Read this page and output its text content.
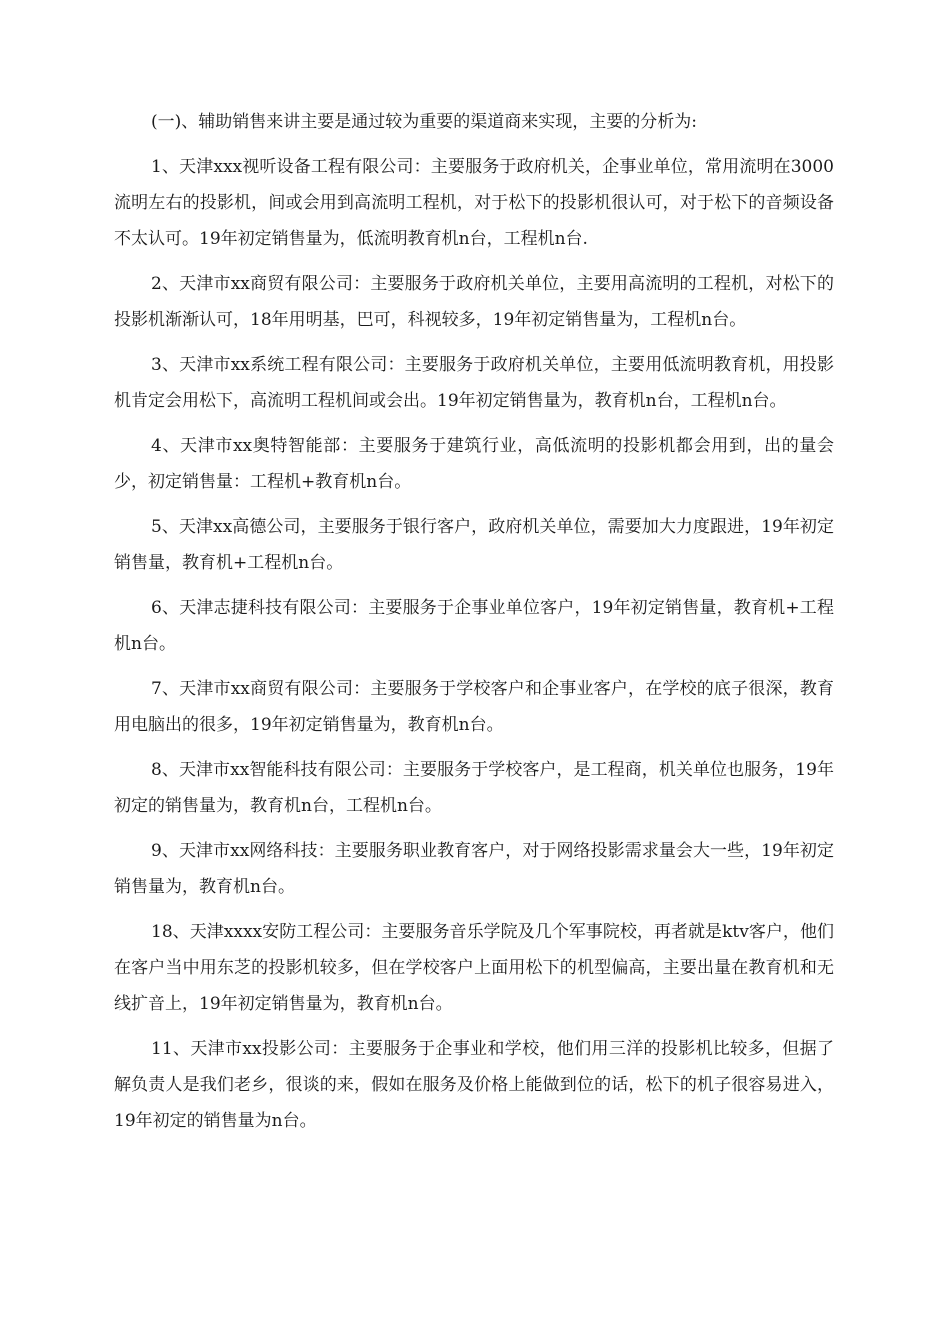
(一)、辅助销售来讲主要是通过较为重要的渠道商来实现，主要的分析为:

1、天津xxx视听设备工程有限公司：主要服务于政府机关，企事业单位，常用流明在3000流明左右的投影机，间或会用到高流明工程机，对于松下的投影机很认可，对于松下的音频设备不太认可。19年初定销售量为，低流明教育机n台，工程机n台.

2、天津市xx商贸有限公司：主要服务于政府机关单位，主要用高流明的工程机，对松下的投影机渐渐认可，18年用明基，巴可，科视较多，19年初定销售量为，工程机n台。

3、天津市xx系统工程有限公司：主要服务于政府机关单位，主要用低流明教育机，用投影机肯定会用松下，高流明工程机间或会出。19年初定销售量为，教育机n台，工程机n台。

4、天津市xx奥特智能部：主要服务于建筑行业，高低流明的投影机都会用到，出的量会少，初定销售量：工程机+教育机n台。

5、天津xx高德公司，主要服务于银行客户，政府机关单位，需要加大力度跟进，19年初定销售量，教育机+工程机n台。

6、天津志捷科技有限公司：主要服务于企事业单位客户，19年初定销售量，教育机+工程机n台。

7、天津市xx商贸有限公司：主要服务于学校客户和企事业客户，在学校的底子很深，教育用电脑出的很多，19年初定销售量为，教育机n台。

8、天津市xx智能科技有限公司：主要服务于学校客户，是工程商，机关单位也服务，19年初定的销售量为，教育机n台，工程机n台。

9、天津市xx网络科技：主要服务职业教育客户，对于网络投影需求量会大一些，19年初定销售量为，教育机n台。

18、天津xxxx安防工程公司：主要服务音乐学院及几个军事院校，再者就是ktv客户，他们在客户当中用东芝的投影机较多，但在学校客户上面用松下的机型偏高，主要出量在教育机和无线扩音上，19年初定销售量为，教育机n台。

11、天津市xx投影公司：主要服务于企事业和学校，他们用三洋的投影机比较多，但据了解负责人是我们老乡，很谈的来，假如在服务及价格上能做到位的话，松下的机子很容易进入，19年初定的销售量为n台。
